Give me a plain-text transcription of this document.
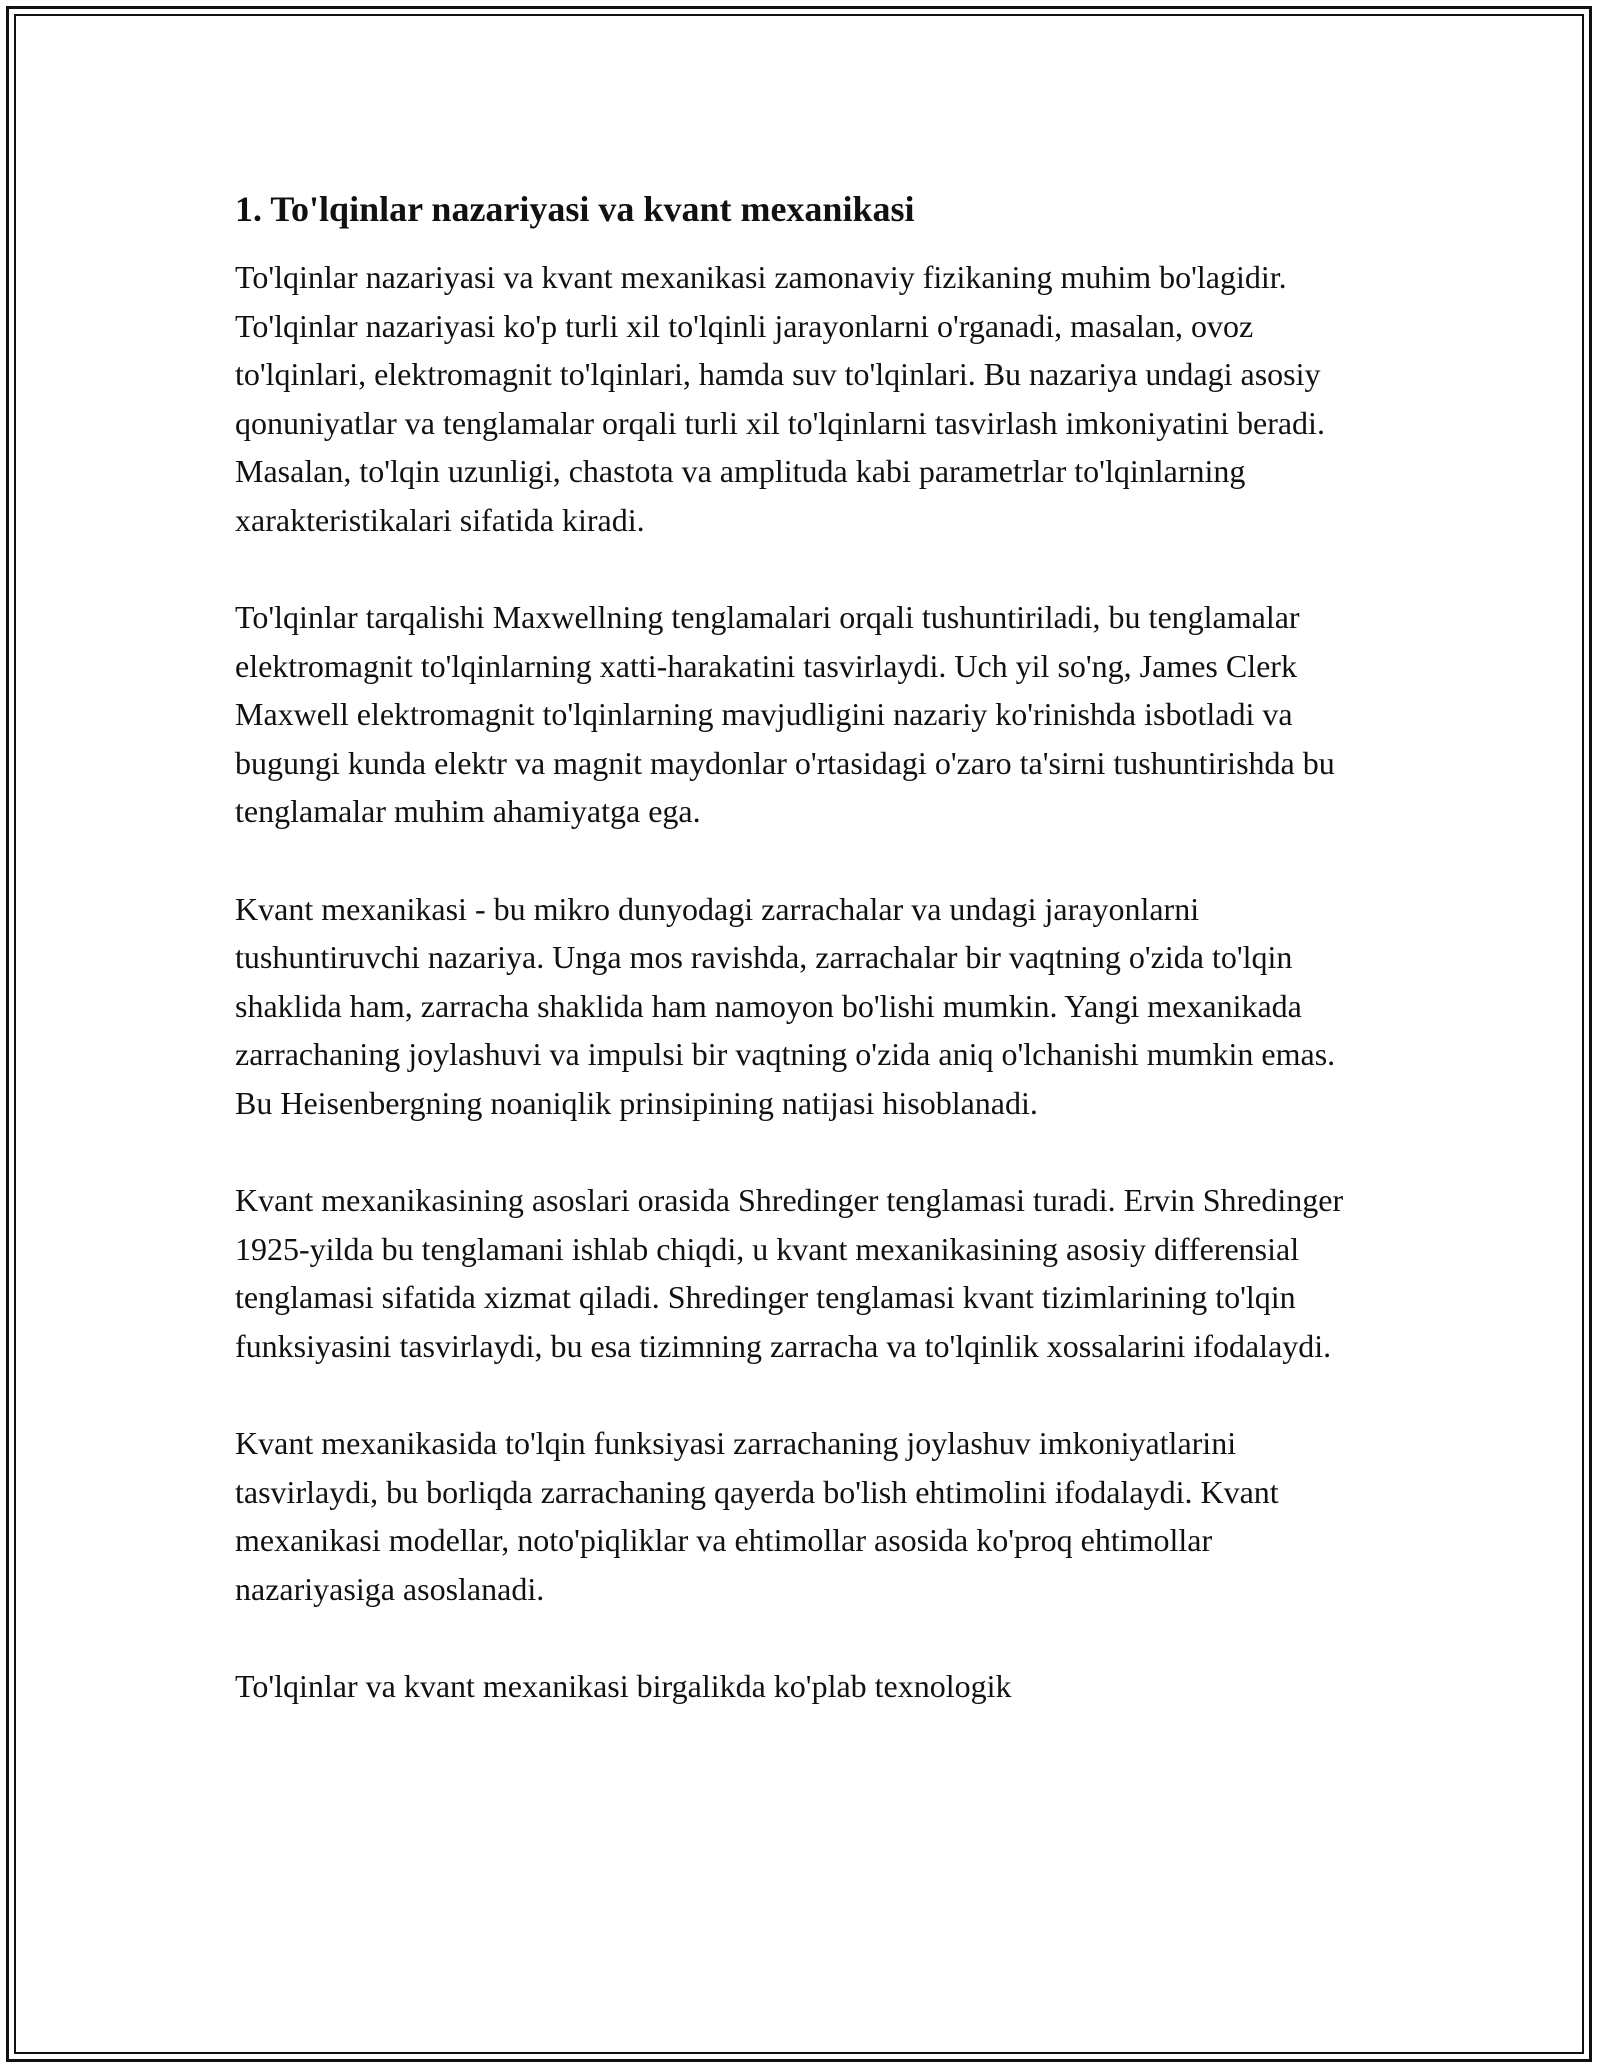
1. To'lqinlar nazariyasi va kvant mexanikasi

To'lqinlar nazariyasi va kvant mexanikasi zamonaviy fizikaning muhim bo'lagidir. To'lqinlar nazariyasi ko'p turli xil to'lqinli jarayonlarni o'rganadi, masalan, ovoz to'lqinlari, elektromagnit to'lqinlari, hamda suv to'lqinlari. Bu nazariya undagi asosiy qonuniyatlar va tenglamalar orqali turli xil to'lqinlarni tasvirlash imkoniyatini beradi. Masalan, to'lqin uzunligi, chastota va amplituda kabi parametrlar to'lqinlarning xarakteristikalari sifatida kiradi.

To'lqinlar tarqalishi Maxwellning tenglamalari orqali tushuntiriladi, bu tenglamalar elektromagnit to'lqinlarning xatti-harakatini tasvirlaydi. Uch yil so'ng, James Clerk Maxwell elektromagnit to'lqinlarning mavjudligini nazariy ko'rinishda isbotladi va bugungi kunda elektr va magnit maydonlar o'rtasidagi o'zaro ta'sirni tushuntirishda bu tenglamalar muhim ahamiyatga ega.

Kvant mexanikasi - bu mikro dunyodagi zarrachalar va undagi jarayonlarni tushuntiruvchi nazariya. Unga mos ravishda, zarrachalar bir vaqtning o'zida to'lqin shaklida ham, zarracha shaklida ham namoyon bo'lishi mumkin. Yangi mexanikada zarrachaning joylashuvi va impulsi bir vaqtning o'zida aniq o'lchanishi mumkin emas. Bu Heisenbergning noaniqlik prinsipining natijasi hisoblanadi.

Kvant mexanikasining asoslari orasida Shredinger tenglamasi turadi. Ervin Shredinger 1925-yilda bu tenglamani ishlab chiqdi, u kvant mexanikasining asosiy differensial tenglamasi sifatida xizmat qiladi. Shredinger tenglamasi kvant tizimlarining to'lqin funksiyasini tasvirlaydi, bu esa tizimning zarracha va to'lqinlik xossalarini ifodalaydi.

Kvant mexanikasida to'lqin funksiyasi zarrachaning joylashuv imkoniyatlarini tasvirlaydi, bu borliqda zarrachaning qayerda bo'lish ehtimolini ifodalaydi. Kvant mexanikasi modellar, noto'piqliklar va ehtimollar asosida ko'proq ehtimollar nazariyasiga asoslanadi.

To'lqinlar va kvant mexanikasi birgalikda ko'plab texnologik
